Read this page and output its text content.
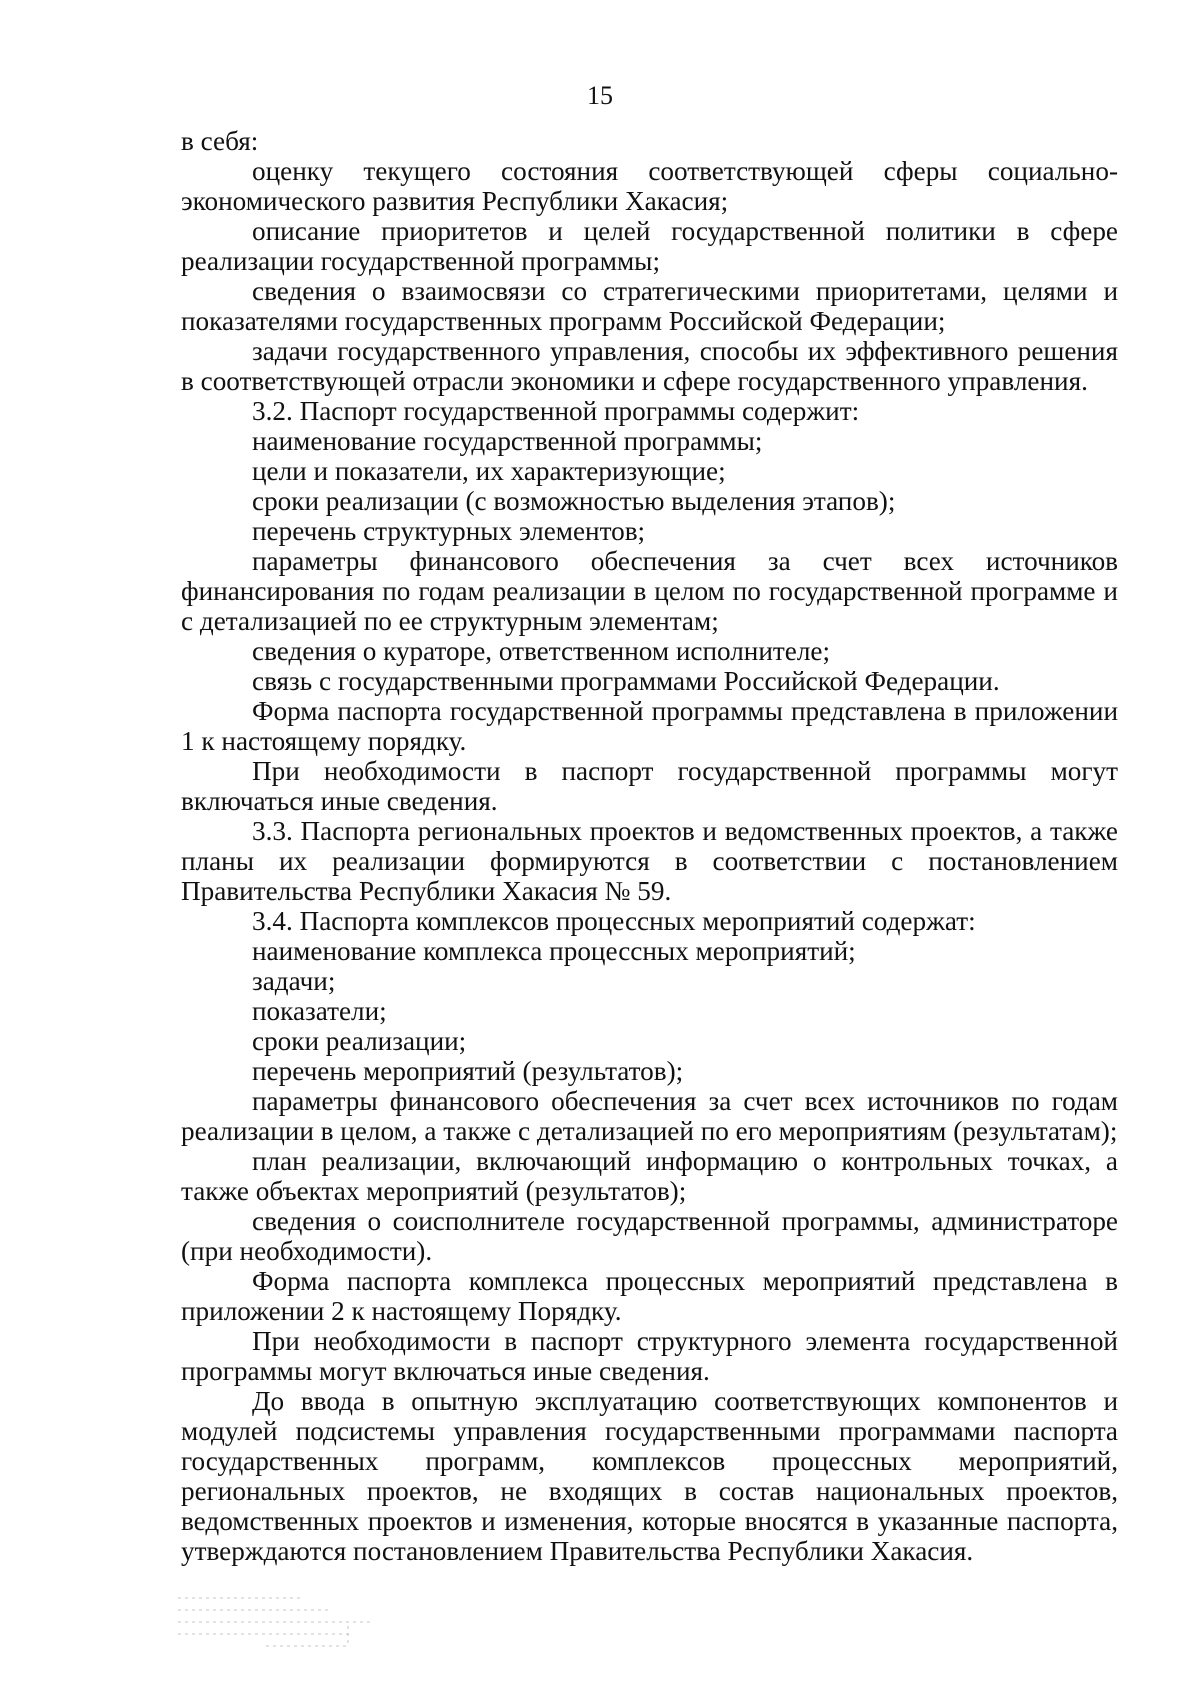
15

в себя:

оценку текущего состояния соответствующей сферы социально-экономического развития Республики Хакасия;

описание приоритетов и целей государственной политики в сфере реализации государственной программы;

сведения о взаимосвязи со стратегическими приоритетами, целями и показателями государственных программ Российской Федерации;

задачи государственного управления, способы их эффективного решения в соответствующей отрасли экономики и сфере государственного управления.

3.2. Паспорт государственной программы содержит:

наименование государственной программы;

цели и показатели, их характеризующие;

сроки реализации (с возможностью выделения этапов);

перечень структурных элементов;

параметры финансового обеспечения за счет всех источников финансирования по годам реализации в целом по государственной программе и с детализацией по ее структурным элементам;

сведения о кураторе, ответственном исполнителе;

связь с государственными программами Российской Федерации.

Форма паспорта государственной программы представлена в приложении 1 к настоящему порядку.

При необходимости в паспорт государственной программы могут включаться иные сведения.

3.3. Паспорта региональных проектов и ведомственных проектов, а также планы их реализации формируются в соответствии с постановлением Правительства Республики Хакасия № 59.

3.4. Паспорта комплексов процессных мероприятий содержат:

наименование комплекса процессных мероприятий;

задачи;

показатели;

сроки реализации;

перечень мероприятий (результатов);

параметры финансового обеспечения за счет всех источников по годам реализации в целом, а также с детализацией по его мероприятиям (результатам);

план реализации, включающий информацию о контрольных точках, а также объектах мероприятий (результатов);

сведения о соисполнителе государственной программы, администраторе (при необходимости).

Форма паспорта комплекса процессных мероприятий представлена в приложении 2 к настоящему Порядку.

При необходимости в паспорт структурного элемента государственной программы могут включаться иные сведения.

До ввода в опытную эксплуатацию соответствующих компонентов и модулей подсистемы управления государственными программами паспорта государственных программ, комплексов процессных мероприятий, региональных проектов, не входящих в состав национальных проектов, ведомственных проектов и изменения, которые вносятся в указанные паспорта, утверждаются постановлением Правительства Республики Хакасия.
